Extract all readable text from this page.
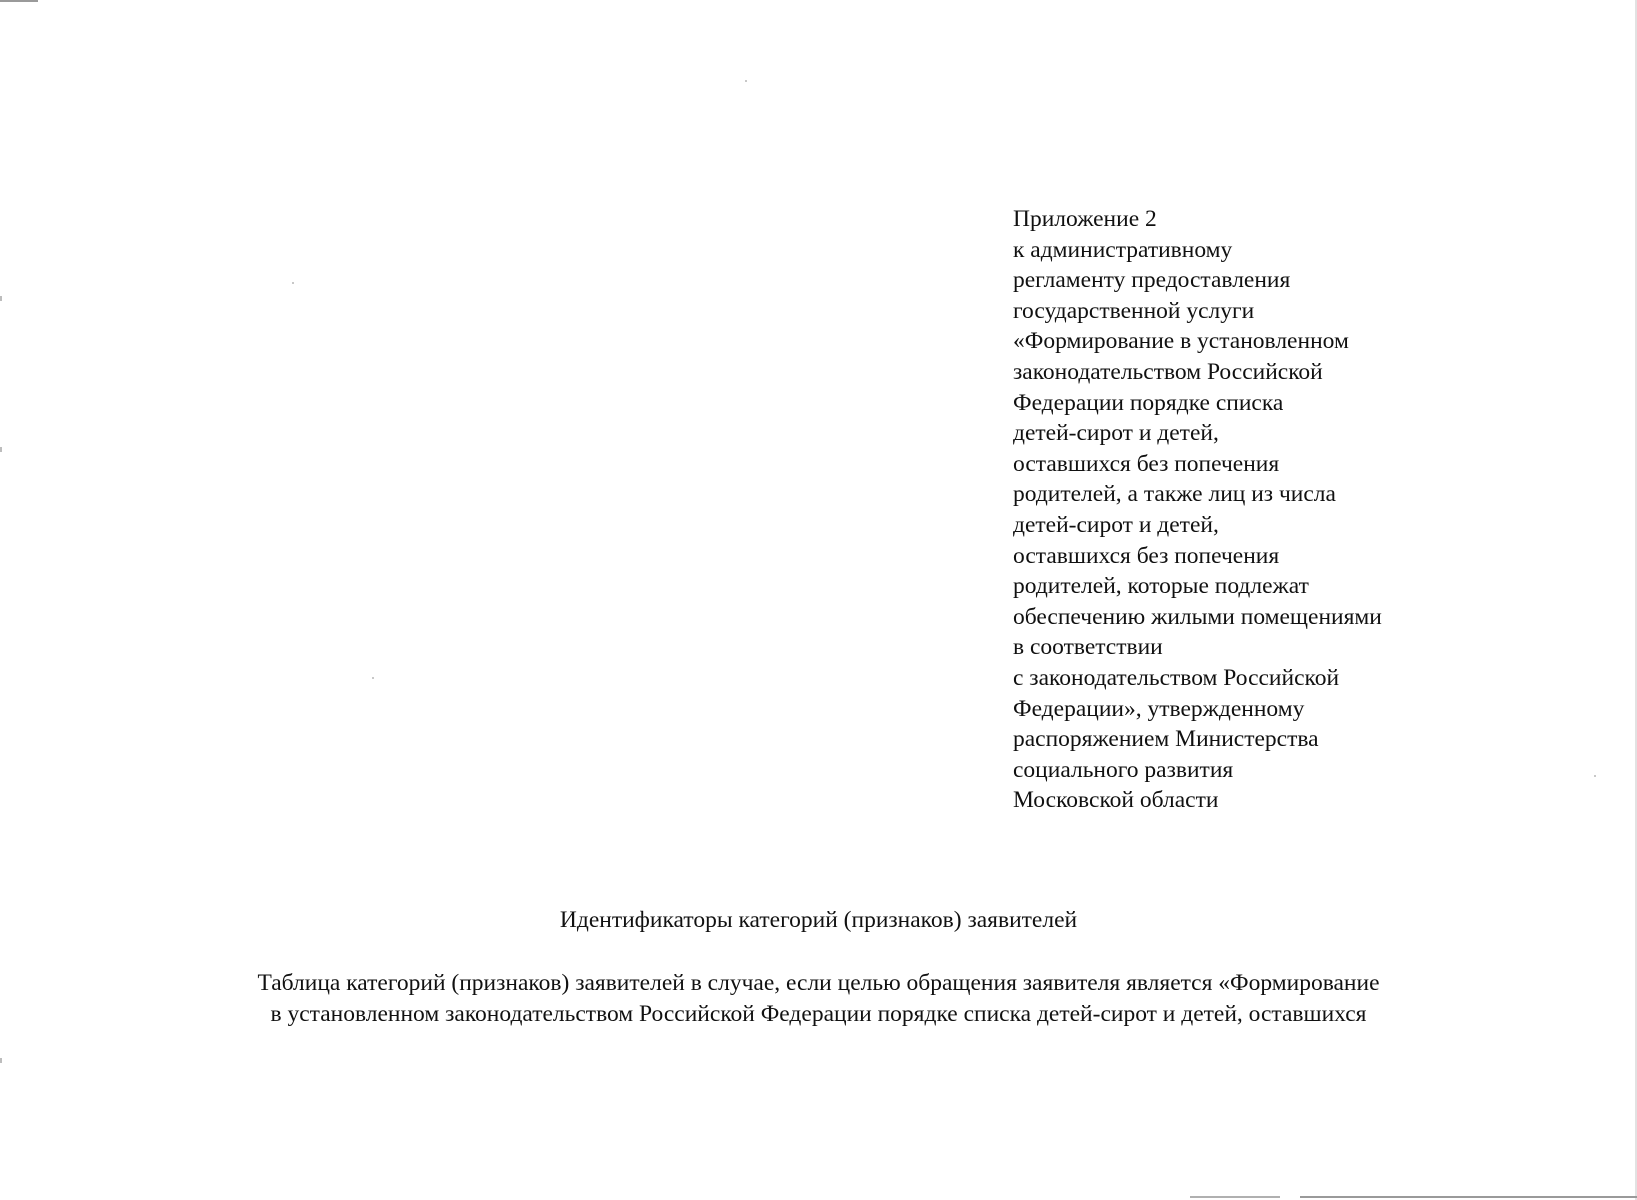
Приложение 2
к административному
регламенту предоставления
государственной услуги
«Формирование в установленном
законодательством Российской
Федерации порядке списка
детей-сирот и детей,
оставшихся без попечения
родителей, а также лиц из числа
детей-сирот и детей,
оставшихся без попечения
родителей, которые подлежат
обеспечению жилыми помещениями
в соответствии
с законодательством Российской
Федерации», утвержденному
распоряжением Министерства
социального развития
Московской области
Идентификаторы категорий (признаков) заявителей
Таблица категорий (признаков) заявителей в случае, если целью обращения заявителя является «Формирование
в установленном законодательством Российской Федерации порядке списка детей-сирот и детей, оставшихся
